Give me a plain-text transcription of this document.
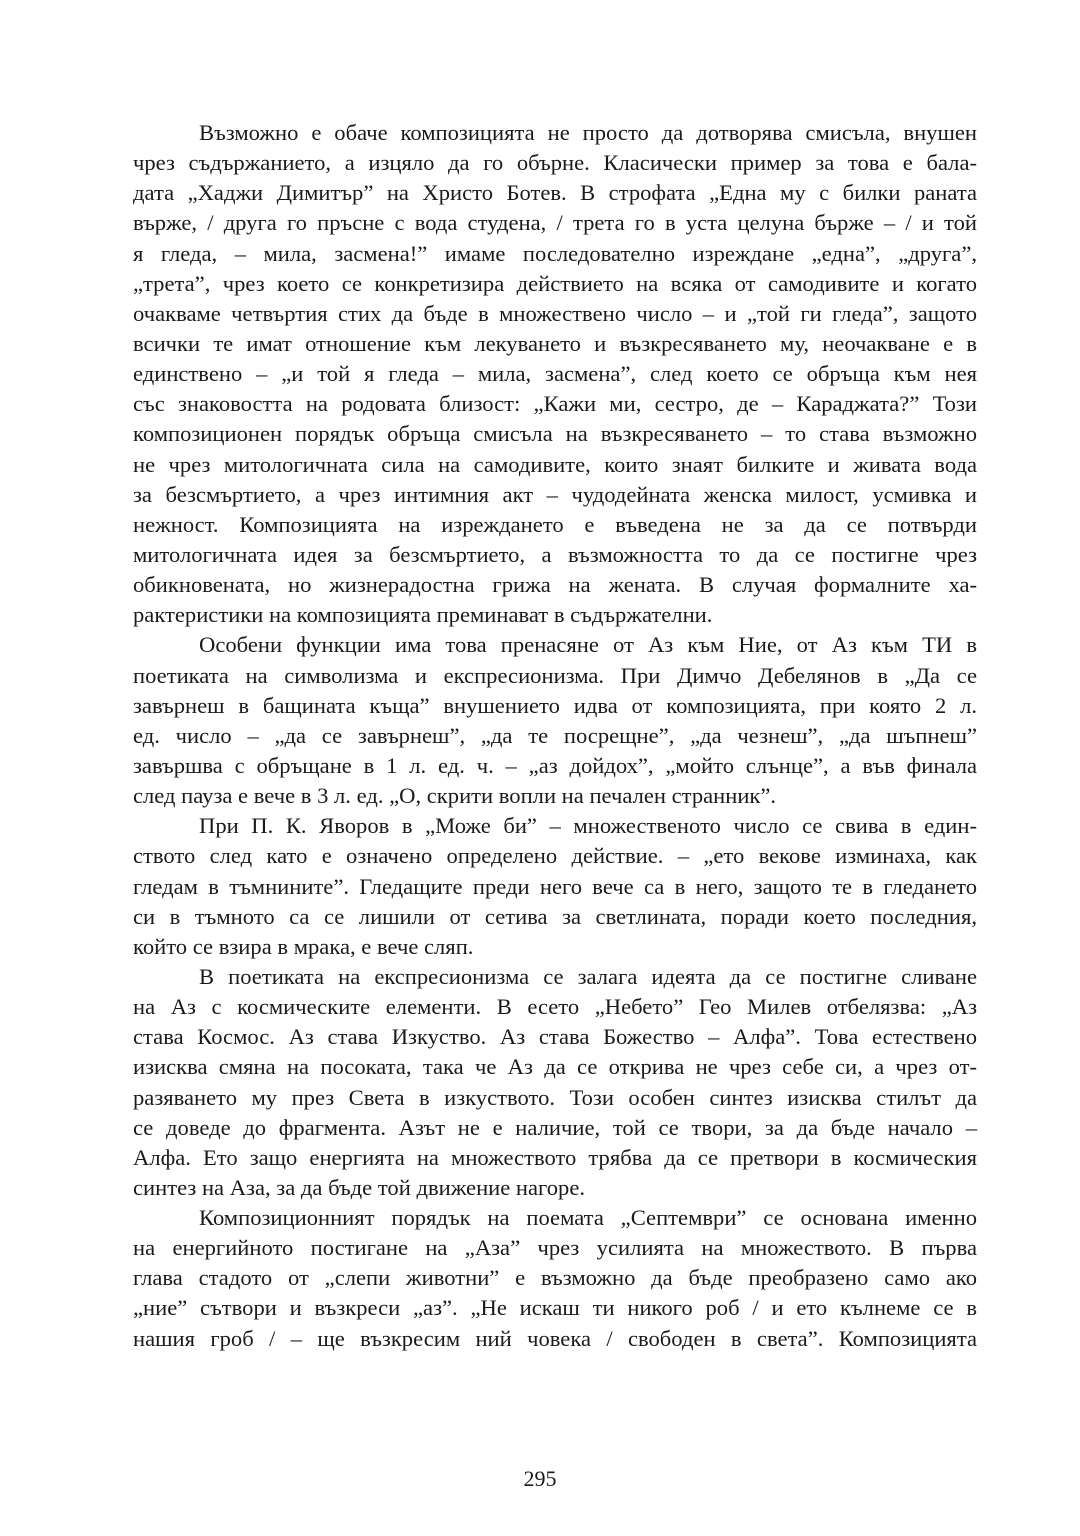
Възможно е обаче композицията не просто да дотворява смисъла, внушен
чрез съдържанието, а изцяло да го обърне. Класически пример за това е бала-
дата „Хаджи Димитър” на Христо Ботев. В строфата „Една му с билки раната
върже, / друга го пръсне с вода студена, / трета го в уста целуна бърже – / и той
я гледа, – мила, засмена!” имаме последователно изреждане „една”, „друга”,
„трета”, чрез което се конкретизира действието на всяка от самодивите и когато
очакваме четвъртия стих да бъде в множествено число – и „той ги гледа”, защото
всички те имат отношение към лекуването и възкресяването му, неочакване е в
единствено – „и той я гледа – мила, засмена”, след което се обръща към нея
със знаковостта на родовата близост: „Кажи ми, сестро, де – Караджата?” Този
композиционен порядък обръща смисъла на възкресяването – то става възможно
не чрез митологичната сила на самодивите, които знаят билките и живата вода
за безсмъртието, а чрез интимния акт – чудодейната женска милост, усмивка и
нежност. Композицията на изреждането е въведена не за да се потвърди
митологичната идея за безсмъртието, а възможността то да се постигне чрез
обикновената, но жизнерадостна грижа на жената. В случая формалните ха-
рактеристики на композицията преминават в съдържателни.
Особени функции има това пренасяне от Аз към Ние, от Аз към ТИ в
поетиката на символизма и експресионизма. При Димчо Дебелянов в „Да се
завърнеш в бащината къща” внушението идва от композицията, при която 2 л.
ед. число – „да се завърнеш”, „да те посрещне”, „да чезнеш”, „да шъпнеш”
завършва с обръщане в 1 л. ед. ч. – „аз дойдох”, „мойто слънце”, а във финала
след пауза е вече в 3 л. ед. „О, скрити вопли на печален странник”.
При П. К. Яворов в „Може би” – множественото число се свива в един-
ството след като е означено определено действие. – „ето векове изминаха, как
гледам в тъмнините”. Гледащите преди него вече са в него, защото те в гледането
си в тъмното са се лишили от сетива за светлината, поради което последния,
който се взира в мрака, е вече сляп.
В поетиката на експресионизма се залага идеята да се постигне сливане
на Аз с космическите елементи. В есето „Небето” Гео Милев отбелязва: „Аз
става Космос. Аз става Изкуство. Аз става Божество – Алфа”. Това естествено
изисква смяна на посоката, така че Аз да се открива не чрез себе си, а чрез от-
разяването му през Света в изкуството. Този особен синтез изисква стилът да
се доведе до фрагмента. Азът не е наличие, той се твори, за да бъде начало –
Алфа. Ето защо енергията на множеството трябва да се претвори в космическия
синтез на Аза, за да бъде той движение нагоре.
Композиционният порядък на поемата „Септември” се основана именно
на енергийното постигане на „Аза” чрез усилията на множеството. В първа
глава стадото от „слепи животни” е възможно да бъде преобразено само ако
„ние” сътвори и възкреси „аз”. „Не искаш ти никого роб / и ето кълнеме се в
нашия гроб / – ще възкресим ний човека / свободен в света”. Композицията
295
